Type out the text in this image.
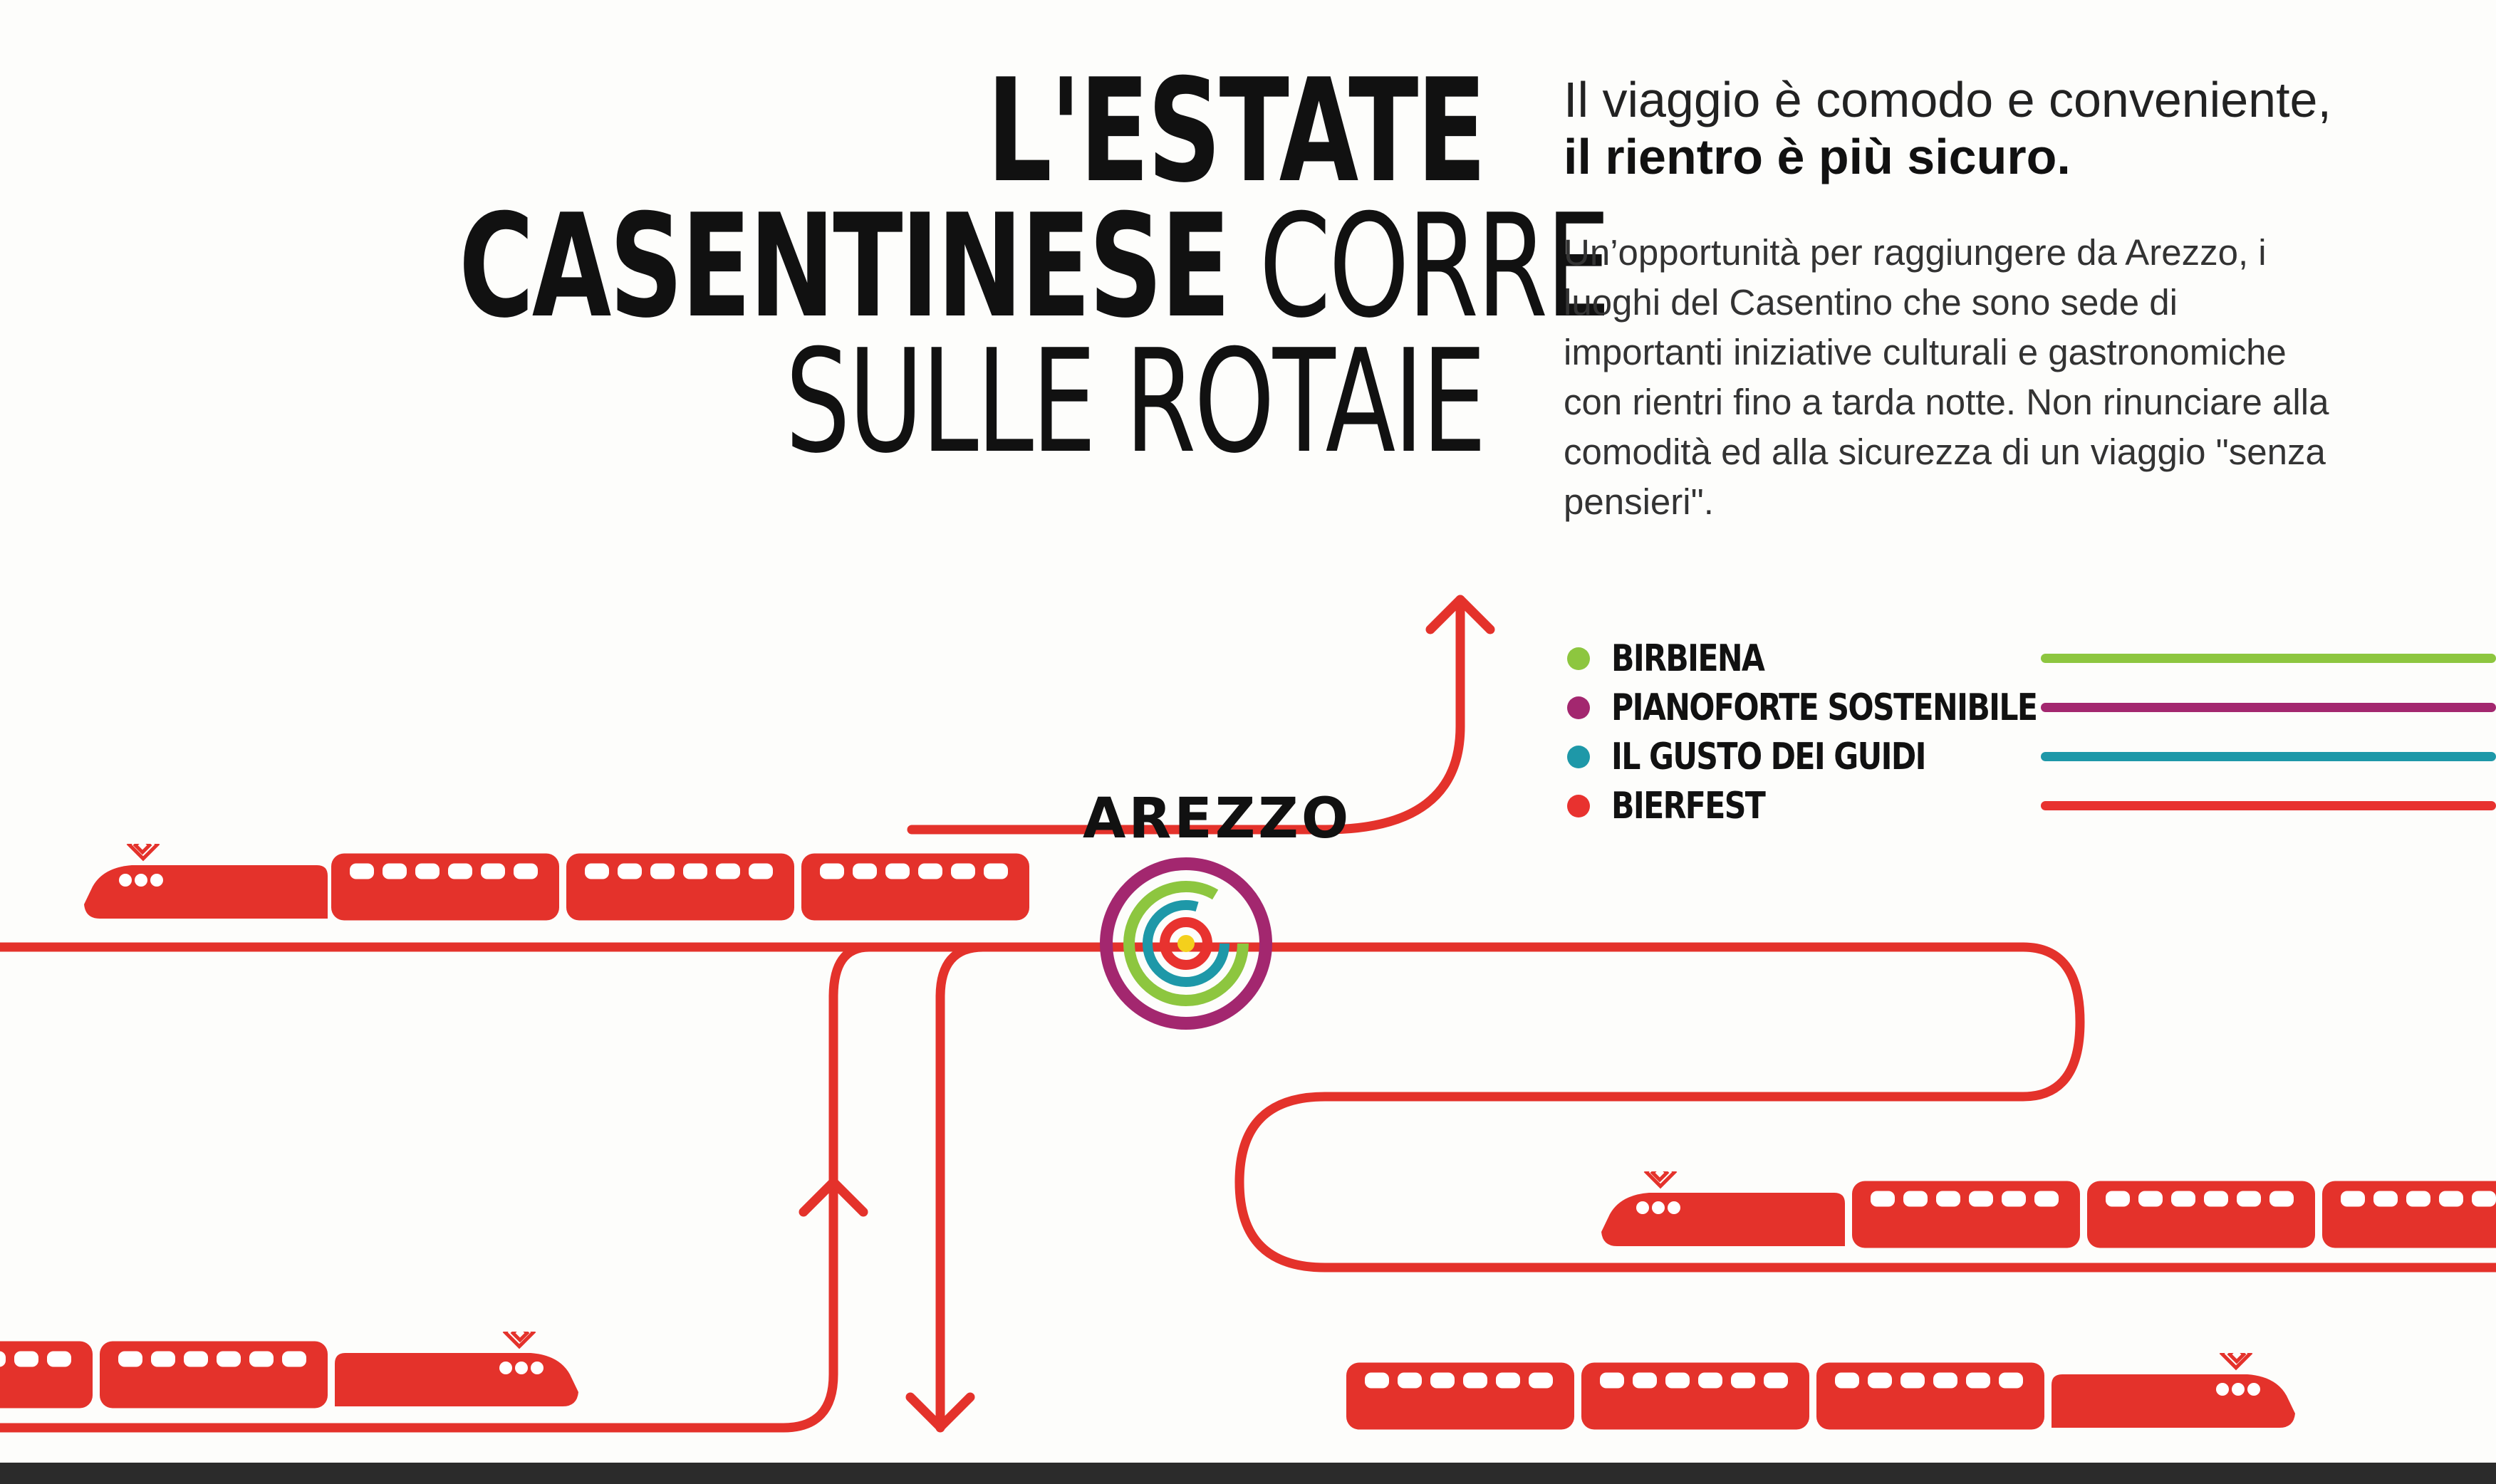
L'ESTATE
CASENTINESE CORRE
SULLE ROTAIE
Il viaggio è comodo e conveniente,
il rientro è più sicuro.
Un’opportunità per raggiungere da Arezzo, i luoghi del Casentino che sono sede di importanti iniziative culturali e gastronomiche con rientri fino a tarda notte. Non rinunciare alla comodità ed alla sicurezza di un viaggio "senza pensieri".
BIRBIENA
PIANOFORTE SOSTENIBILE
IL GUSTO DEI GUIDI
BIERFEST
AREZZO
